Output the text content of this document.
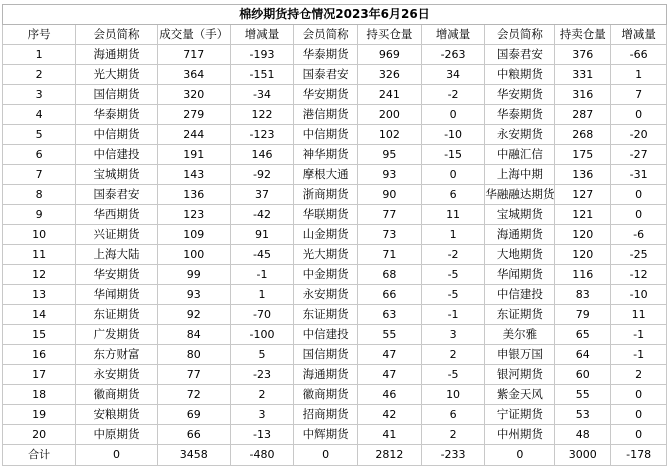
棉纱期货持仓情况2023年6月26日									
序号	会员简称	成交量（手）	增减量	会员简称	持买仓量	增减量	会员简称	持卖仓量	增减量
1	海通期货	717	-193	华泰期货	969	-263	国泰君安	376	-66
2	光大期货	364	-151	国泰君安	326	34	中粮期货	331	1
3	国信期货	320	-34	华安期货	241	-2	华安期货	316	7
4	华泰期货	279	122	港信期货	200	0	华泰期货	287	0
5	中信期货	244	-123	中信期货	102	-10	永安期货	268	-20
6	中信建投	191	146	神华期货	95	-15	中融汇信	175	-27
7	宝城期货	143	-92	摩根大通	93	0	上海中期	136	-31
8	国泰君安	136	37	浙商期货	90	6	华融融达期货	127	0
9	华西期货	123	-42	华联期货	77	11	宝城期货	121	0
10	兴证期货	109	91	山金期货	73	1	海通期货	120	-6
11	上海大陆	100	-45	光大期货	71	-2	大地期货	120	-25
12	华安期货	99	-1	中金期货	68	-5	华闻期货	116	-12
13	华闻期货	93	1	永安期货	66	-5	中信建投	83	-10
14	东证期货	92	-70	东证期货	63	-1	东证期货	79	11
15	广发期货	84	-100	中信建投	55	3	美尔雅	65	-1
16	东方财富	80	5	国信期货	47	2	申银万国	64	-1
17	永安期货	77	-23	海通期货	47	-5	银河期货	60	2
18	徽商期货	72	2	徽商期货	46	10	紫金天风	55	0
19	安粮期货	69	3	招商期货	42	6	宁证期货	53	0
20	中原期货	66	-13	中辉期货	41	2	中州期货	48	0
合计	0	3458	-480	0	2812	-233	0	3000	-178
